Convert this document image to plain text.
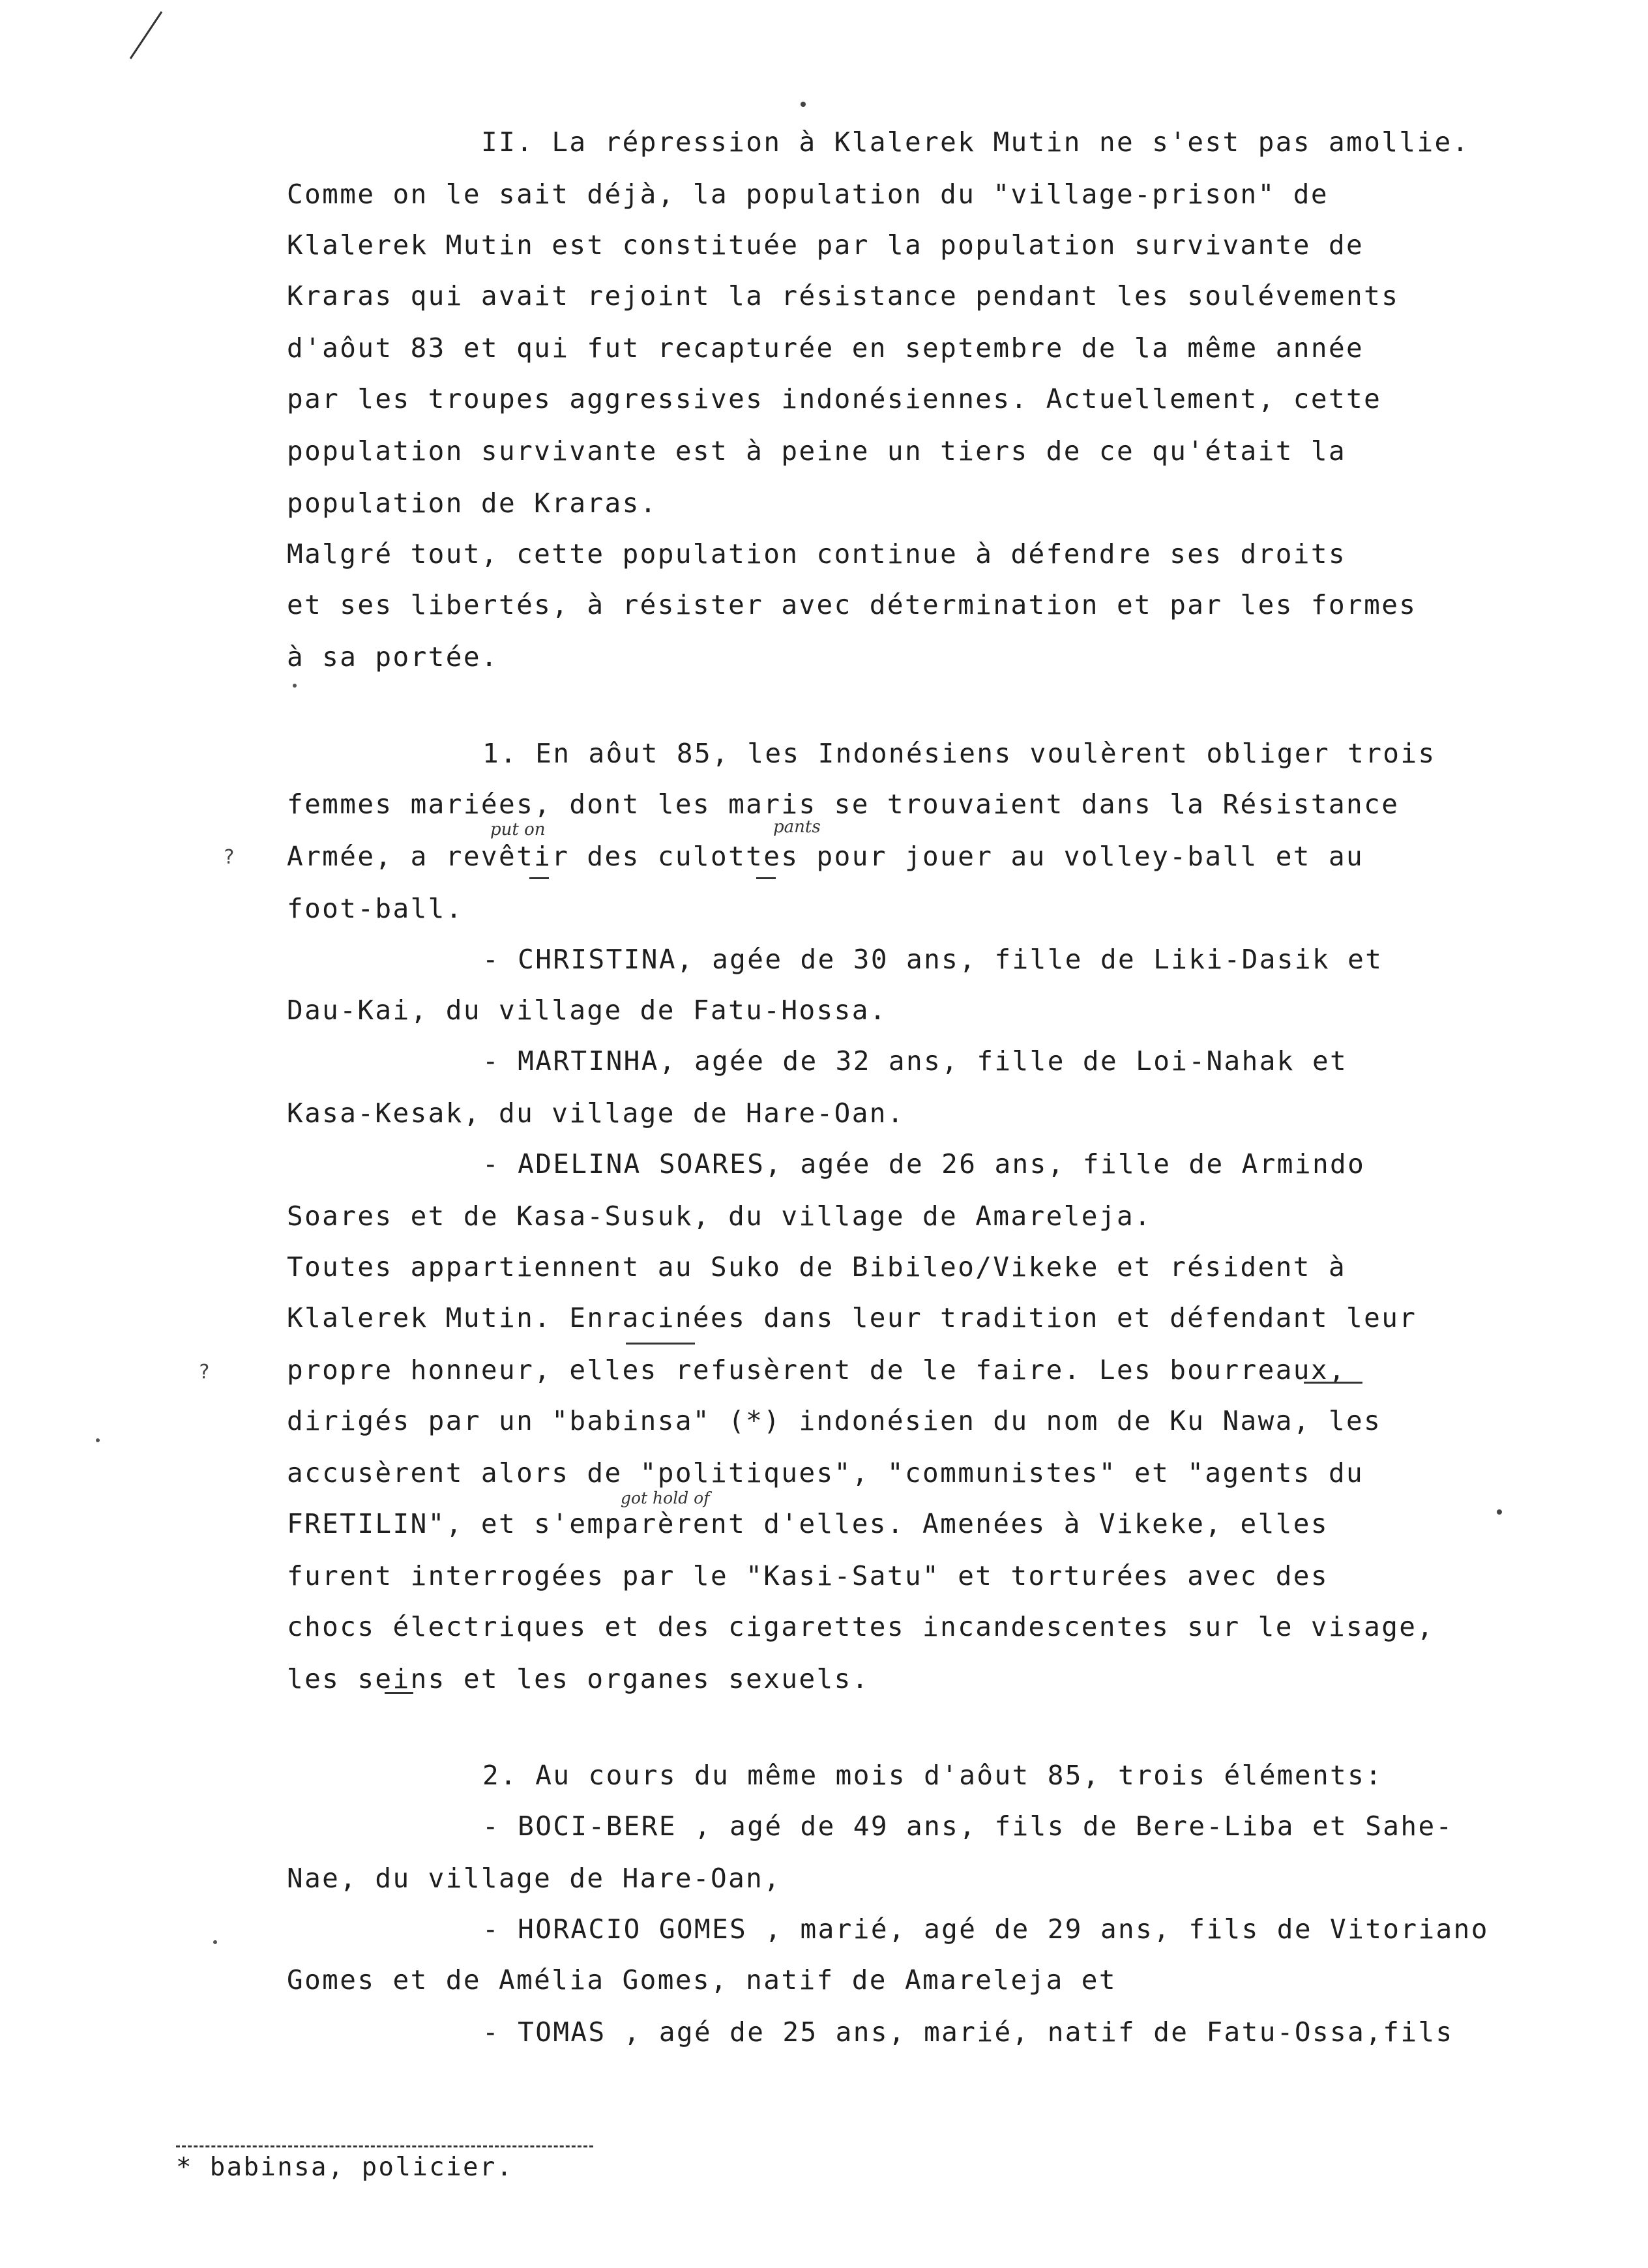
II. La répression à Klalerek Mutin ne s'est pas amollie.
Comme on le sait déjà, la population du "village-prison" de
Klalerek Mutin est constituée par la population survivante de
Kraras qui avait rejoint la résistance pendant les soulévements
d'aôut 83 et qui fut recapturée en septembre de la même année
par les troupes aggressives indonésiennes. Actuellement, cette
population survivante est à peine un tiers de ce qu'était la
population de Kraras.
Malgré tout, cette population continue à défendre ses droits
et ses libertés, à résister avec détermination et par les formes
à sa portée.
1. En aôut 85, les Indonésiens voulèrent obliger trois
femmes mariées, dont les maris se trouvaient dans la Résistance
Armée, a revêtir des culottes pour jouer au volley-ball et au
foot-ball.
- CHRISTINA, agée de 30 ans, fille de Liki-Dasik et
Dau-Kai, du village de Fatu-Hossa.
- MARTINHA, agée de 32 ans, fille de Loi-Nahak et
Kasa-Kesak, du village de Hare-Oan.
- ADELINA SOARES, agée de 26 ans, fille de Armindo
Soares et de Kasa-Susuk, du village de Amareleja.
Toutes appartiennent au Suko de Bibileo/Vikeke et résident à
Klalerek Mutin. Enracinées dans leur tradition et défendant leur
propre honneur, elles refusèrent de le faire. Les bourreaux,
dirigés par un "babinsa" (*) indonésien du nom de Ku Nawa, les
accusèrent alors de "politiques", "communistes" et "agents du
FRETILIN", et s'emparèrent d'elles. Amenées à Vikeke, elles
furent interrogées par le "Kasi-Satu" et torturées avec des
chocs électriques et des cigarettes incandescentes sur le visage,
les seins et les organes sexuels.
2. Au cours du même mois d'aôut 85, trois éléments:
- BOCI-BERE , agé de 49 ans, fils de Bere-Liba et Sahe-
Nae, du village de Hare-Oan,
- HORACIO GOMES , marié, agé de 29 ans, fils de Vitoriano
Gomes et de Amélia Gomes, natif de Amareleja et
- TOMAS , agé de 25 ans, marié, natif de Fatu-Ossa,fils
put on	pants
got hold of
?
?
* babinsa, policier.
